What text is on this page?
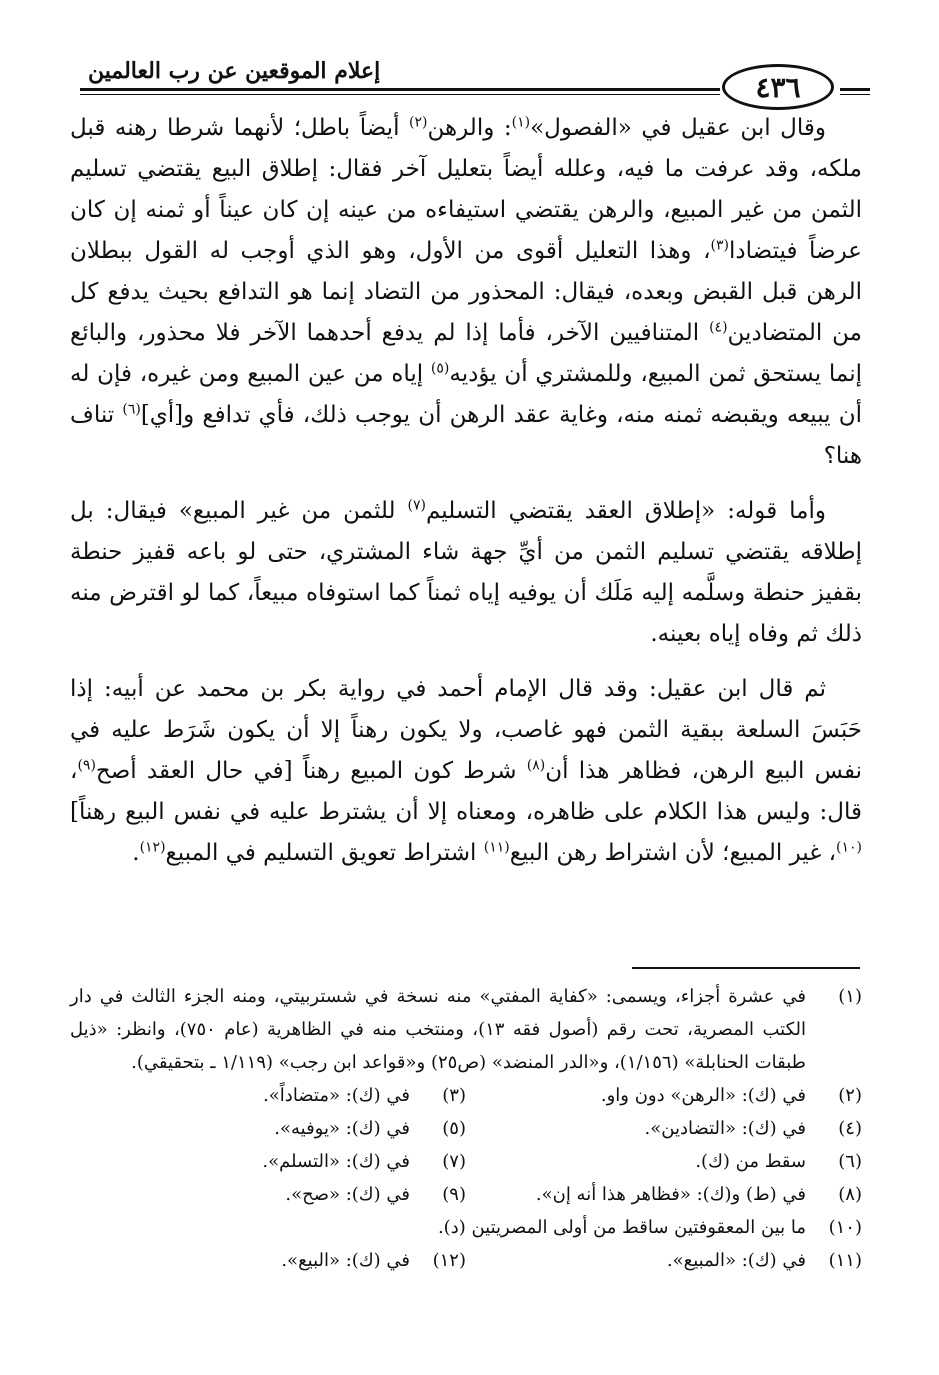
إعلام الموقعين عن رب العالمين	٤٣٦

وقال ابن عقيل في «الفصول»$^{(١)}$: والرهن$^{(٢)}$ أيضاً باطل؛ لأنهما شرطا رهنه قبل ملكه، وقد عرفت ما فيه، وعلله أيضاً بتعليل آخر فقال: إطلاق البيع يقتضي تسليم الثمن من غير المبيع، والرهن يقتضي استيفاءه من عينه إن كان عيناً أو ثمنه إن كان عرضاً فيتضادا$^{(٣)}$، وهذا التعليل أقوى من الأول، وهو الذي أوجب له القول ببطلان الرهن قبل القبض وبعده، فيقال: المحذور من التضاد إنما هو التدافع بحيث يدفع كل من المتضادين$^{(٤)}$ المتنافيين الآخر، فأما إذا لم يدفع أحدهما الآخر فلا محذور، والبائع إنما يستحق ثمن المبيع، وللمشتري أن يؤديه$^{(٥)}$ إياه من عين المبيع ومن غيره، فإن له أن يبيعه ويقبضه ثمنه منه، وغاية عقد الرهن أن يوجب ذلك، فأي تدافع و[أي]$^{(٦)}$ تناف هنا؟

وأما قوله: «إطلاق العقد يقتضي التسليم$^{(٧)}$ للثمن من غير المبيع» فيقال: بل إطلاقه يقتضي تسليم الثمن من أيِّ جهة شاء المشتري، حتى لو باعه قفيز حنطة بقفيز حنطة وسلَّمه إليه مَلَك أن يوفيه إياه ثمناً كما استوفاه مبيعاً، كما لو اقترض منه ذلك ثم وفاه إياه بعينه.

ثم قال ابن عقيل: وقد قال الإمام أحمد في رواية بكر بن محمد عن أبيه: إذا حَبَسَ السلعة ببقية الثمن فهو غاصب، ولا يكون رهناً إلا أن يكون شَرَط عليه في نفس البيع الرهن، فظاهر هذا أن$^{(٨)}$ شرط كون المبيع رهناً [في حال العقد أصح$^{(٩)}$، قال: وليس هذا الكلام على ظاهره، ومعناه إلا أن يشترط عليه في نفس البيع رهناً]$^{(١٠)}$، غير المبيع؛ لأن اشتراط رهن البيع$^{(١١)}$ اشتراط تعويق التسليم في المبيع$^{(١٢)}$.

(١)
في عشرة أجزاء، ويسمى: «كفاية المفتي» منه نسخة في شستربيتي، ومنه الجزء الثالث في دار الكتب المصرية، تحت رقم (أصول فقه ١٣)، ومنتخب منه في الظاهرية (عام ٧٥٠)، وانظر: «ذيل طبقات الحنابلة» (١/١٥٦)، و«الدر المنضد» (ص٢٥) و«قواعد ابن رجب» (١/١١٩ ـ بتحقيقي).
(٢)
في (ك): «الرهن» دون واو.
(٣)
في (ك): «متضاداً».
(٤)
في (ك): «التضادين».
(٥)
في (ك): «يوفيه».
(٦)
سقط من (ك).
(٧)
في (ك): «التسلم».
(٨)
في (ط) و(ك): «فظاهر هذا أنه إن».
(٩)
في (ك): «صح».
(١٠)
ما بين المعقوفتين ساقط من أولى المصريتين (د).
(١١)
في (ك): «المبيع».
(١٢)
في (ك): «البيع».
